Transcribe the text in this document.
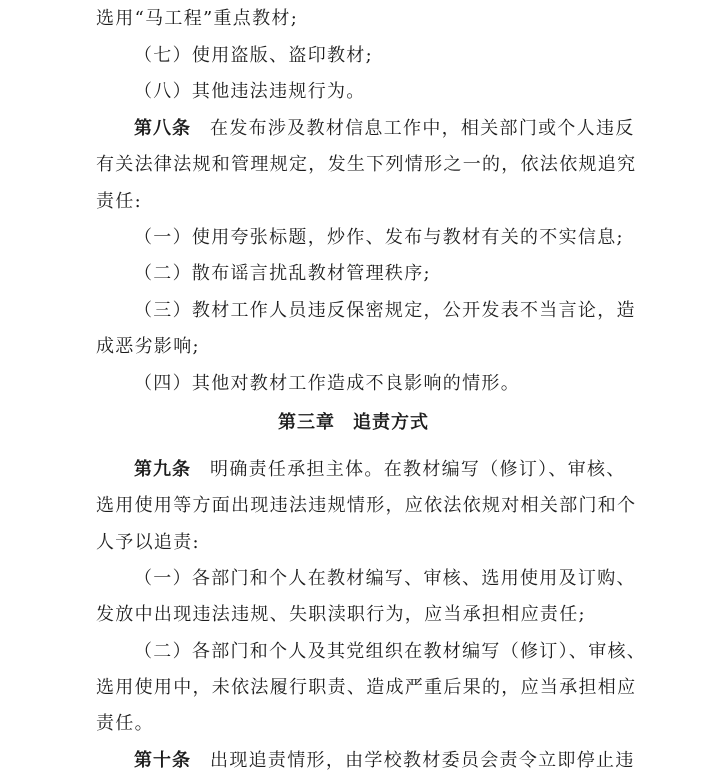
选用“马工程”重点教材;
（七）使用盗版、盗印教材;
（八）其他违法违规行为。
第八条 在发布涉及教材信息工作中，相关部门或个人违反
有关法律法规和管理规定，发生下列情形之一的，依法依规追究
责任:
（一）使用夸张标题，炒作、发布与教材有关的不实信息;
（二）散布谣言扰乱教材管理秩序;
（三）教材工作人员违反保密规定，公开发表不当言论，造
成恶劣影响;
（四）其他对教材工作造成不良影响的情形。
第三章 追责方式
第九条 明确责任承担主体。在教材编写（修订）、审核、
选用使用等方面出现违法违规情形，应依法依规对相关部门和个
人予以追责:
（一）各部门和个人在教材编写、审核、选用使用及订购、
发放中出现违法违规、失职渎职行为，应当承担相应责任;
（二）各部门和个人及其党组织在教材编写（修订）、审核、
选用使用中，未依法履行职责、造成严重后果的，应当承担相应
责任。
第十条 出现追责情形，由学校教材委员会责令立即停止违
